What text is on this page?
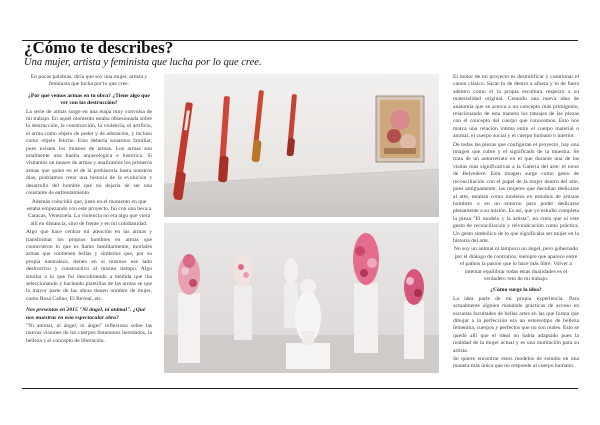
¿Cómo te describes?
Una mujer, artista y feminista que lucha por lo que cree.

En pocas palabras, diría que soy una mujer, artista y feminista que lucha por lo que cree.

¿Por qué vemos armas en tu obra? ¿Tiene algo que ver con las destrucción?

La serie de armas surge en una etapa muy convulsa de mi trabajo. En aquel momento estaba obsesionada sobre la destrucción, la construcción, la violencia, el artificio, el arma como objeto de poder y de adoración, y incluso como objeto fetiche. Esto debería sonarnos familiar, pues existen los museos de armas. Los armas son totalmente una huella arqueológica e histórica. Si visitamos un museo de armas y analizamos los primeros armas que quien en el de la prehistoria hasta nuestros días, podríamos crear una historia de la evolución y desarrollo del hombre que no dejaría de ser una constante de enfrentamiento.

Además coincidió que, justo en el momento en que estaba empezando con este proyecto, fui con una beca a Caracas, Venezuela. La violencia no era algo que viera allí en distancia, sino de frente y en mi cotidianidad.

Algo que hace centrar mi atención en las armas y transformar los propios hombres en armas que contuvieron lo que es llamo familiarmente, mortales armas que contienen bellas y símbolos que, por su propia naturaleza, tienen en sí mismos ese lado destructivo y constructivo al mismo tiempo. Algo similar a lo que fui descubriendo a medida que iba seleccionando y haciendo plantillas de las armas se que la mayor parte de las obras tienen nombre de mujer, como Rosa Callao, El Reveal, etc.

Nos presentas en 2015 "Ni ángel, ni animal". ¿Qué nos muestras en esta espectacular obra?

"Ni animal, ni ángel, ni ángel" reflexiona sobre las nuevas visiones de los cuerpos femeninos heredados, la belleza y el concepto de liberación.

El motor de mi proyecto es desmitificar y cuestionar el canon clásico. Sacar lo de dentro a afuera y lo de fuera adentro como el la propia escultura respecto a su materialidad original. Creando una nueva idea de anatomía que se acerca a un concepto más primigenio, relacionando de esta manera los tatuajes de las piezas con el concepto del cuerpo que conocemos. Esto nos marca una relación íntima entre el cuerpo material o animal, el cuerpo social y el cuerpo humano o interior.

De todas las piezas que configuran el proyecto, hay una imagen que cubre y el significado de la muestra. Se trata de un autorretrato en el que durante una de las visitas más significativas a la Galería del arte: el torso de Belvedere. Esta imagen surge como gesto de reconciliación con el papel de la mujer dentro del arte, pues antiguamente, las mujeres que decidían dedicarse al arte, estaban como modelos en estudios de artistas hombres o en un entorno para poder dedicarse plenamente a su misión. Es así, que yo estudio completa la pieza "El modelo y la artista", no creía que ni este gesto de reconciliación y reivindicación como práctica. Un gesto simbólico de lo que significaba ser mujer en la historia del arte.

No soy un animal ni tampoco un ángel, pero gobernado por el diálogo de contrarios, siempre que aparece entre el pathos la pasión que lo hace más libre. Volver a intentar equilibrar todas estas dualidades es el verdadero reto de mi trabajo.

¿Cómo surge la idea?

La idea parte de mi propia experiencia. Para actualmente alguien mandado prácticas de acceso en escuelas facultades de bellas artes en las que forma que dibujar a la perfección era un estereotipo de belleza femenina, cuerpos y perfectos que no son reales. Esto se quedó allí que el ideal no había adaptado pues la realidad de la mujer actual y es una mutilación para su artista.

Se quiere encontrar estos modelos de estudio en una manera más única que no responde al cuerpo humano.
